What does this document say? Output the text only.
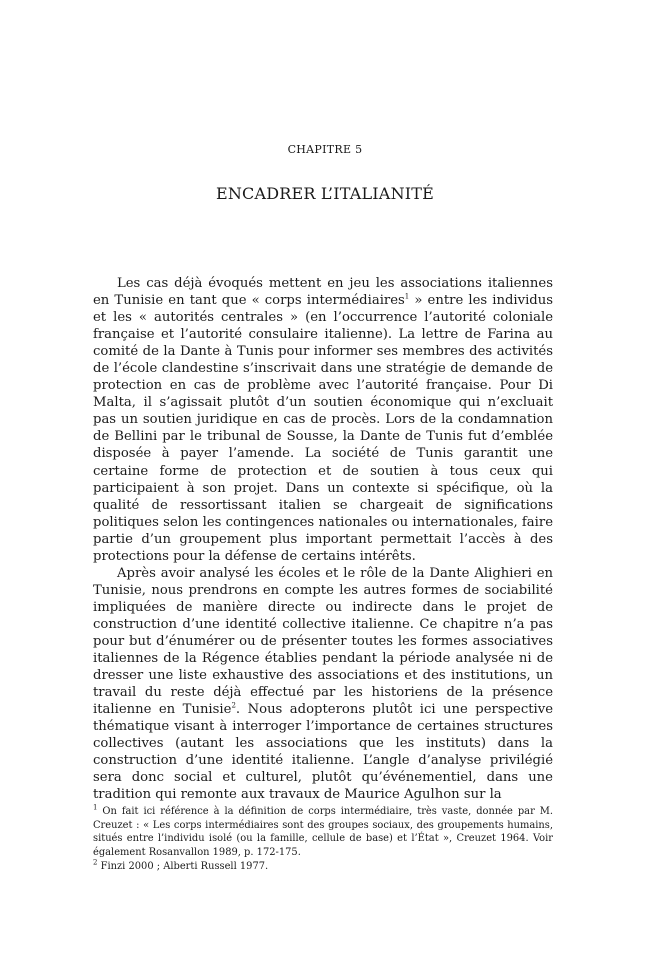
CHAPITRE 5
ENCADRER L’ITALIANITÉ

Les cas déjà évoqués mettent en jeu les associations italiennes en Tunisie en tant que « corps intermédiaires$^1$ » entre les individus et les « autorités centrales » (en l’occurrence l’autorité coloniale française et l’autorité consulaire italienne). La lettre de Farina au comité de la Dante à Tunis pour informer ses membres des activités de l’école clandestine s’inscrivait dans une stratégie de demande de protection en cas de problème avec l’autorité française. Pour Di Malta, il s’agissait plutôt d’un soutien économique qui n’excluait pas un soutien juridique en cas de procès. Lors de la condamnation de Bellini par le tribunal de Sousse, la Dante de Tunis fut d’emblée disposée à payer l’amende. La société de Tunis garantit une certaine forme de protection et de soutien à tous ceux qui participaient à son projet. Dans un contexte si spécifique, où la qualité de ressortissant italien se chargeait de significations politiques selon les contingences nationales ou internationales, faire partie d’un groupement plus important permettait l’accès à des protections pour la défense de certains intérêts.

Après avoir analysé les écoles et le rôle de la Dante Alighieri en Tunisie, nous prendrons en compte les autres formes de sociabilité impliquées de manière directe ou indirecte dans le projet de construction d’une identité collective italienne. Ce chapitre n’a pas pour but d’énumérer ou de présenter toutes les formes associatives italiennes de la Régence établies pendant la période analysée ni de dresser une liste exhaustive des associations et des institutions, un travail du reste déjà effectué par les historiens de la présence italienne en Tunisie$^2$. Nous adopterons plutôt ici une perspective thématique visant à interroger l’importance de certaines structures collectives (autant les associations que les instituts) dans la construction d’une identité italienne. L’angle d’analyse privilégié sera donc social et culturel, plutôt qu’événementiel, dans une tradition qui remonte aux travaux de Maurice Agulhon sur la

$^1$ On fait ici référence à la définition de corps intermédiaire, très vaste, donnée par M. Creuzet : « Les corps intermédiaires sont des groupes sociaux, des groupements humains, situés entre l’individu isolé (ou la famille, cellule de base) et l’État », Creuzet 1964. Voir également Rosanvallon 1989, p. 172-175.

$^2$ Finzi 2000 ; Alberti Russell 1977.
